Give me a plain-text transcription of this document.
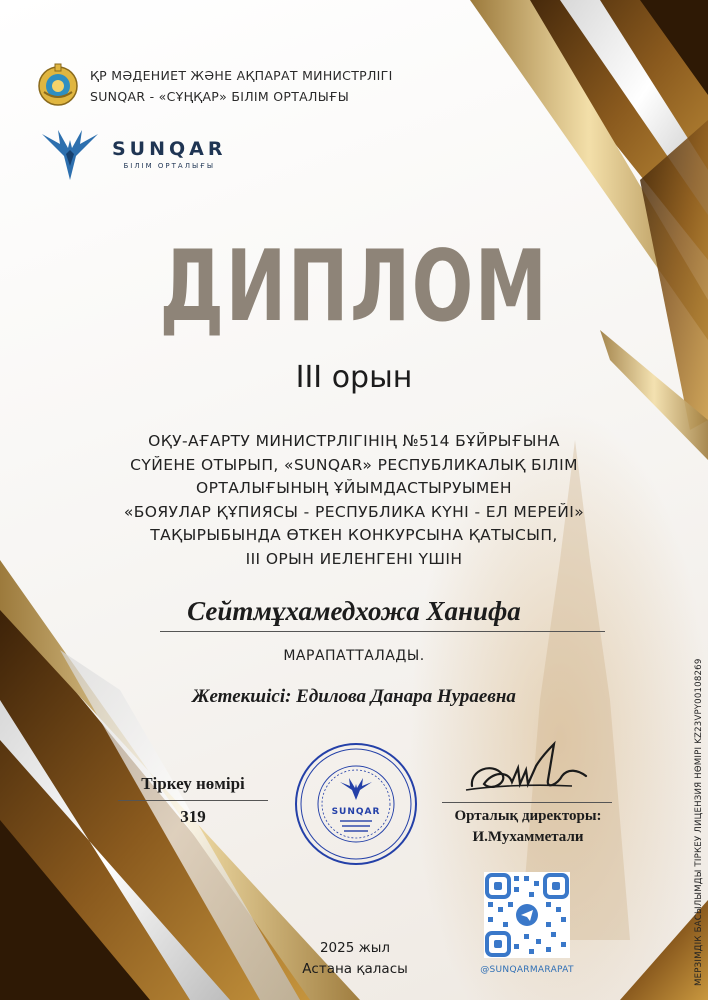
ҚР МӘДЕНИЕТ ЖӘНЕ АҚПАРАТ МИНИСТРЛІГІ
SUNQAR - «СҰҢҚАР» БІЛІМ ОРТАЛЫҒЫ
SUNQAR
БІЛІМ ОРТАЛЫҒЫ
ДИПЛОМ
III орын
ОҚУ-АҒАРТУ МИНИСТРЛІГІНІҢ №514 БҰЙРЫҒЫНА
СҮЙЕНЕ ОТЫРЫП, «SUNQAR» РЕСПУБЛИКАЛЫҚ БІЛІМ
ОРТАЛЫҒЫНЫҢ ҰЙЫМДАСТЫРУЫМЕН
«БОЯУЛАР ҚҰПИЯСЫ - РЕСПУБЛИКА КҮНІ - ЕЛ МЕРЕЙІ»
ТАҚЫРЫБЫНДА ӨТКЕН КОНКУРСЫНА ҚАТЫСЫП,
III ОРЫН ИЕЛЕНГЕНІ ҮШІН
Сейтмұхамедхожа Ханифа
МАРАПАТТАЛАДЫ.
Жетекшісі: Едилова Данара Нураевна
Тіркеу нөмірі
319	SUNQAR	Орталық директоры:
И.Мухамметали
@SUNQARMARAPAT
2025 жыл
Астана қаласы	МЕРЗІМДІК БАСЫЛЫМДЫ ТІРКЕУ ЛИЦЕНЗИЯ НӨМІРІ KZ23VPY00108269
